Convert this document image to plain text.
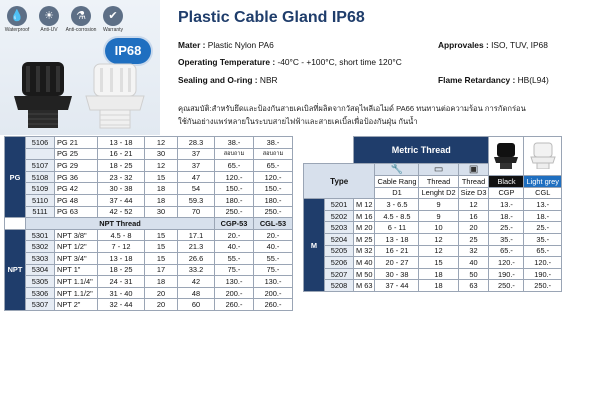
💧
Waterproof
☀
Anti-UV
⚗
Anti-corrosion
✔
Warranty
IP68
Plastic Cable Gland IP68
Mater : Plastic Nylon PA6	Approvales : ISO, TUV, IP68
Operating Temperature : -40°C - +100°C, short time 120°C
Sealing and O-ring : NBR	Flame Retardancy : HB(L94)
คุณสมบัติ:สำหรับยึดและป้องกันสายเคเบิลที่ผลิตจากวัสดุไพลีเอไมด์ PA66 ทนทานต่อความร้อน การกัดกร่อน
ใช้กันอย่างแพร่หลายในระบบสายไฟฟ้าและสายเคเบิ้ลเพื่อป้องกันฝุ่น กันน้ำ
PG	5106	PG 21	13 - 18	12	28.3	38.-	38.-
		PG 25	16 - 21	30	37	สอบถาม	สอบถาม
	5107	PG 29	18 - 25	12	37	65.-	65.-
	5108	PG 36	23 - 32	15	47	120.-	120.-
	5109	PG 42	30 - 38	18	54	150.-	150.-
	5110	PG 48	37 - 44	18	59.3	180.-	180.-
	5111	PG 63	42 - 52	30	70	250.-	250.-
	NPT Thread					CGP-53	CGL-53
NPT	5301	NPT 3/8"	4.5 - 8	15	17.1	20.-	20.-
	5302	NPT 1/2"	7 - 12	15	21.3	40.-	40.-
	5303	NPT 3/4"	13 - 18	15	26.6	55.-	55.-
	5304	NPT 1"	18 - 25	17	33.2	75.-	75.-
	5305	NPT 1.1/4"	24 - 31	18	42	130.-	130.-
	5306	NPT 1.1/2"	31 - 40	20	48	200.-	200.-
	5307	NPT 2"	32 - 44	20	60	260.-	260.-
		Metric Thread		
Type			🔧	▭	▣		
			Cable Rang	Thread	Thread	Black	Light grey
			D1	Lenght D2	Size D3	CGP	CGL
M	5201	M 12	3 - 6.5	9	12	13.-	13.-
	5202	M 16	4.5 - 8.5	9	16	18.-	18.-
	5203	M 20	6 - 11	10	20	25.-	25.-
	5204	M 25	13 - 18	12	25	35.-	35.-
	5205	M 32	16 - 21	12	32	65.-	65.-
	5206	M 40	20 - 27	15	40	120.-	120.-
	5207	M 50	30 - 38	18	50	190.-	190.-
	5208	M 63	37 - 44	18	63	250.-	250.-
